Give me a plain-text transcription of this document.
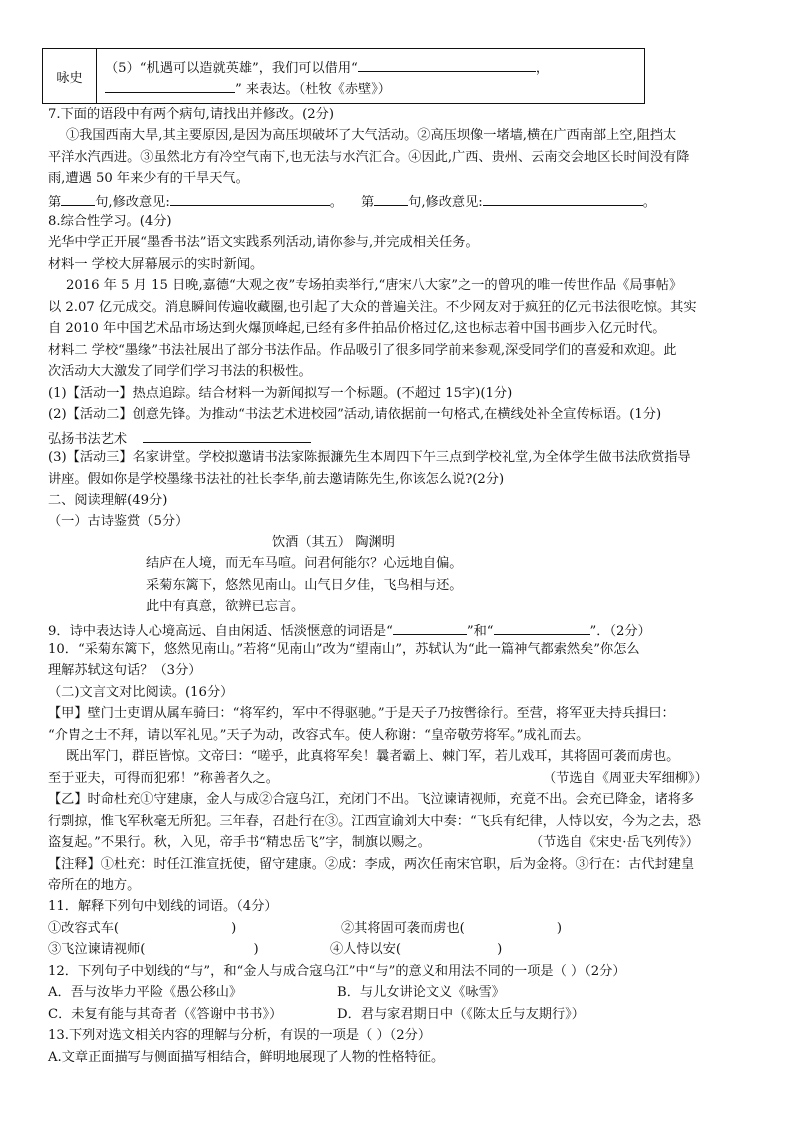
咏史	
（5）“机遇可以造就英雄”，我们可以借用“	，
” 来表达。（杜牧《赤壁》）
7.下面的语段中有两个病句,请找出并修改。(2分)
①我国西南大旱,其主要原因,是因为高压坝破坏了大气活动。②高压坝像一堵墙,横在广西南部上空,阻挡太
平洋水汽西进。③虽然北方有冷空气南下,也无法与水汽汇合。④因此,广西、贵州、云南交会地区长时间没有降
雨,遭遇 50 年来少有的干旱天气。
第	句,修改意见:	。 第	句,修改意见:	。
8.综合性学习。(4分)
光华中学正开展“墨香书法”语文实践系列活动,请你参与,并完成相关任务。
材料一 学校大屏幕展示的实时新闻。
2016 年 5 月 15 日晚,嘉德“大观之夜”专场拍卖举行,“唐宋八大家”之一的曾巩的唯一传世作品《局事帖》
以 2.07 亿元成交。消息瞬间传遍收藏圈,也引起了大众的普遍关注。不少网友对于疯狂的亿元书法很吃惊。其实
自 2010 年中国艺术品市场达到火爆顶峰起,已经有多件拍品价格过亿,这也标志着中国书画步入亿元时代。
材料二 学校“墨缘”书法社展出了部分书法作品。作品吸引了很多同学前来参观,深受同学们的喜爱和欢迎。此
次活动大大激发了同学们学习书法的积极性。
(1)【活动一】热点追踪。结合材料一为新闻拟写一个标题。(不超过 15字)(1分)
(2)【活动二】创意先锋。为推动“书法艺术进校园”活动,请依据前一句格式,在横线处补全宣传标语。(1分)
弘扬书法艺术
(3)【活动三】名家讲堂。学校拟邀请书法家陈振濂先生本周四下午三点到学校礼堂,为全体学生做书法欣赏指导
讲座。假如你是学校墨缘书法社的社长李华,前去邀请陈先生,你该怎么说?(2分)
二、阅读理解(49分)
（一）古诗鉴赏（5分）
饮酒（其五） 陶渊明
结庐在人境，而无车马喧。问君何能尔？心远地自偏。
采菊东篱下，悠然见南山。山气日夕佳，飞鸟相与还。
此中有真意，欲辨已忘言。
9．诗中表达诗人心境高远、自由闲适、恬淡惬意的词语是“	”和“	”．（2分）
10．“采菊东篱下，悠然见南山。”若将“见南山”改为“望南山”，苏轼认为“此一篇神气都索然矣”你怎么
理解苏轼这句话？（3分）
（二)文言文对比阅读。(16分）
【甲】壁门士吏谓从属车骑曰：“将军约，军中不得驱驰。”于是天子乃按辔徐行。至营，将军亚夫持兵揖曰：
“介胄之士不拜，请以军礼见。”天子为动，改容式车。使人称谢：“皇帝敬劳将军。”成礼而去。
既出军门，群臣皆惊。文帝曰：“嗟乎，此真将军矣！曩者霸上、棘门军，若儿戏耳，其将固可袭而虏也。
至于亚夫，可得而犯邪！”称善者久之。	（节选自《周亚夫军细柳》）
【乙】时命杜充①守建康，金人与成②合寇乌江，充闭门不出。飞泣谏请视师，充竟不出。会充已降金，诸将多
行剽掠，惟飞军秋毫无所犯。三年春，召赴行在③。江西宣谕刘大中奏：“飞兵有纪律，人恃以安，今为之去，恐
盗复起。”不果行。秋，入见，帝手书“精忠岳飞”字，制旗以赐之。	（节选自《宋史·岳飞列传》）
【注释】①杜充：时任江淮宣抚使，留守建康。②成：李成，两次任南宋官职，后为金将。③行在：古代封建皇
帝所在的地方。
11．解释下列句中划线的词语。（4分）
①改容式车(	)	②其将固可袭而虏也(	)
③飞泣谏请视师(	)	④人恃以安(	)
12．下列句子中划线的“与”，和“金人与成合寇乌江”中“与”的意义和用法不同的一项是（ ）（2分）
A．吾与汝毕力平险《愚公移山》	B．与儿女讲论文义《咏雪》
C．未复有能与其奇者（《答谢中书书》）	D．君与家君期日中（《陈太丘与友期行》）
13.下列对选文相关内容的理解与分析，有误的一项是（ ）（2分）
A.文章正面描写与侧面描写相结合，鲜明地展现了人物的性格特征。
